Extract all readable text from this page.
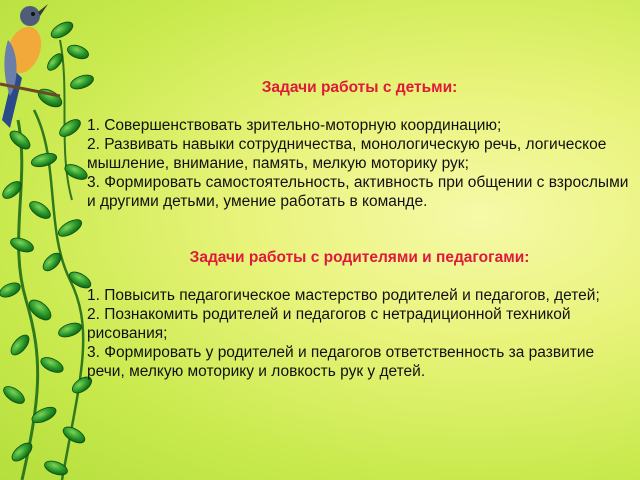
Задачи работы с детьми:

1. Совершенствовать зрительно-моторную координацию;

2. Развивать навыки сотрудничества, монологическую речь, логическое мышление, внимание, память, мелкую моторику рук;

3. Формировать самостоятельность, активность при общении с взрослыми и другими детьми, умение работать в команде.

Задачи работы с родителями и педагогами:

1. Повысить педагогическое мастерство родителей и педагогов, детей;

2. Познакомить родителей и педагогов с нетрадиционной техникой рисования;

3. Формировать у родителей и педагогов ответственность за развитие речи, мелкую моторику и ловкость рук у детей.
